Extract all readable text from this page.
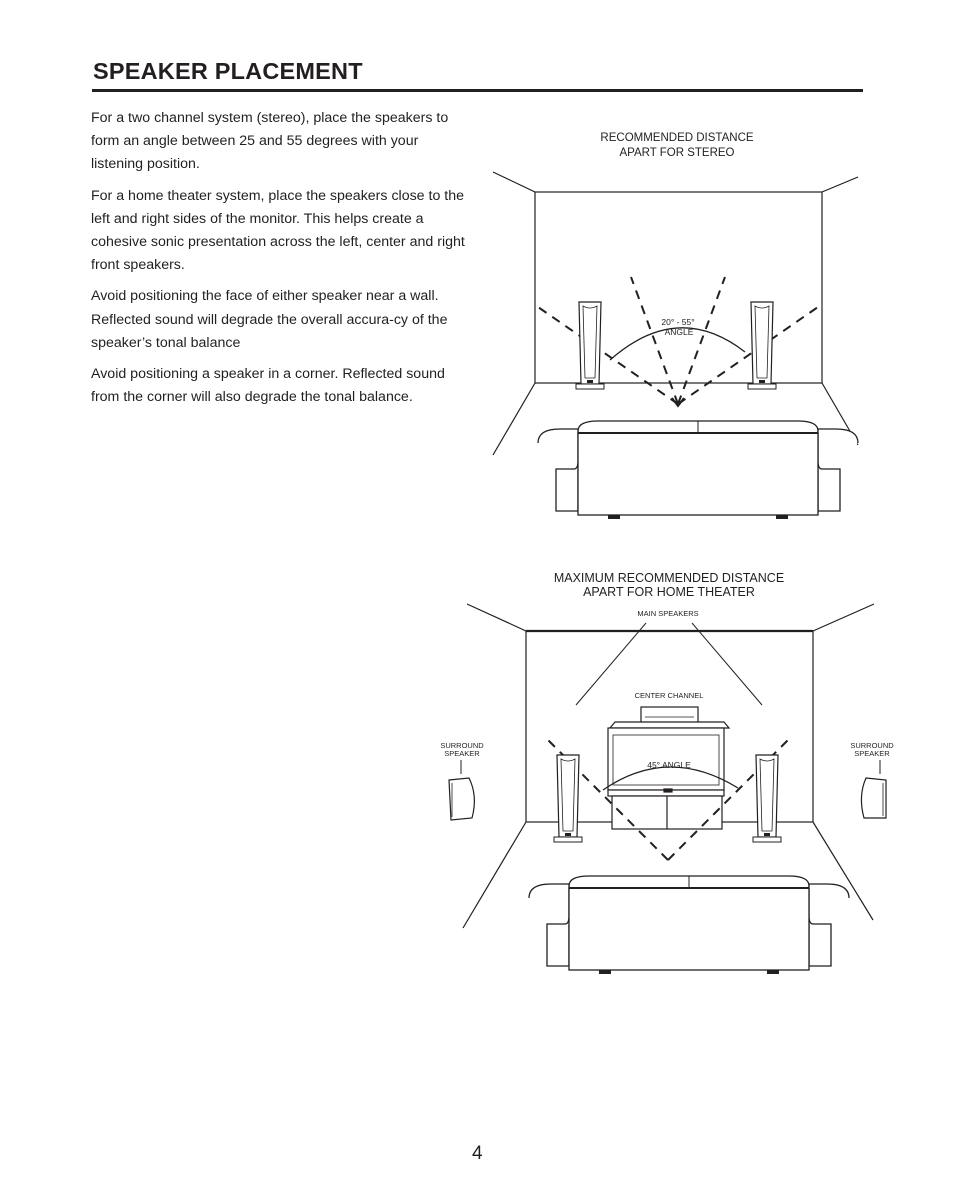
SPEAKER PLACEMENT

For a two channel system (stereo), place the speakers to form an angle between 25 and 55 degrees with your listening position.

For a home theater system, place the speakers close to the left and right sides of the monitor. This helps create a cohesive sonic presentation across the left, center and right front speakers.

Avoid positioning the face of either speaker near a wall. Reflected sound will degrade the overall accura-cy of the speaker’s tonal balance

Avoid positioning a speaker in a corner. Reflected sound from the corner will also degrade the tonal balance.

RECOMMENDED DISTANCE
APART FOR STEREO
20° - 55°
ANGLE
MAXIMUM RECOMMENDED DISTANCE
APART FOR HOME THEATER
MAIN SPEAKERS
CENTER CHANNEL
45° ANGLE
SURROUND
SPEAKER
SURROUND
SPEAKER
4
